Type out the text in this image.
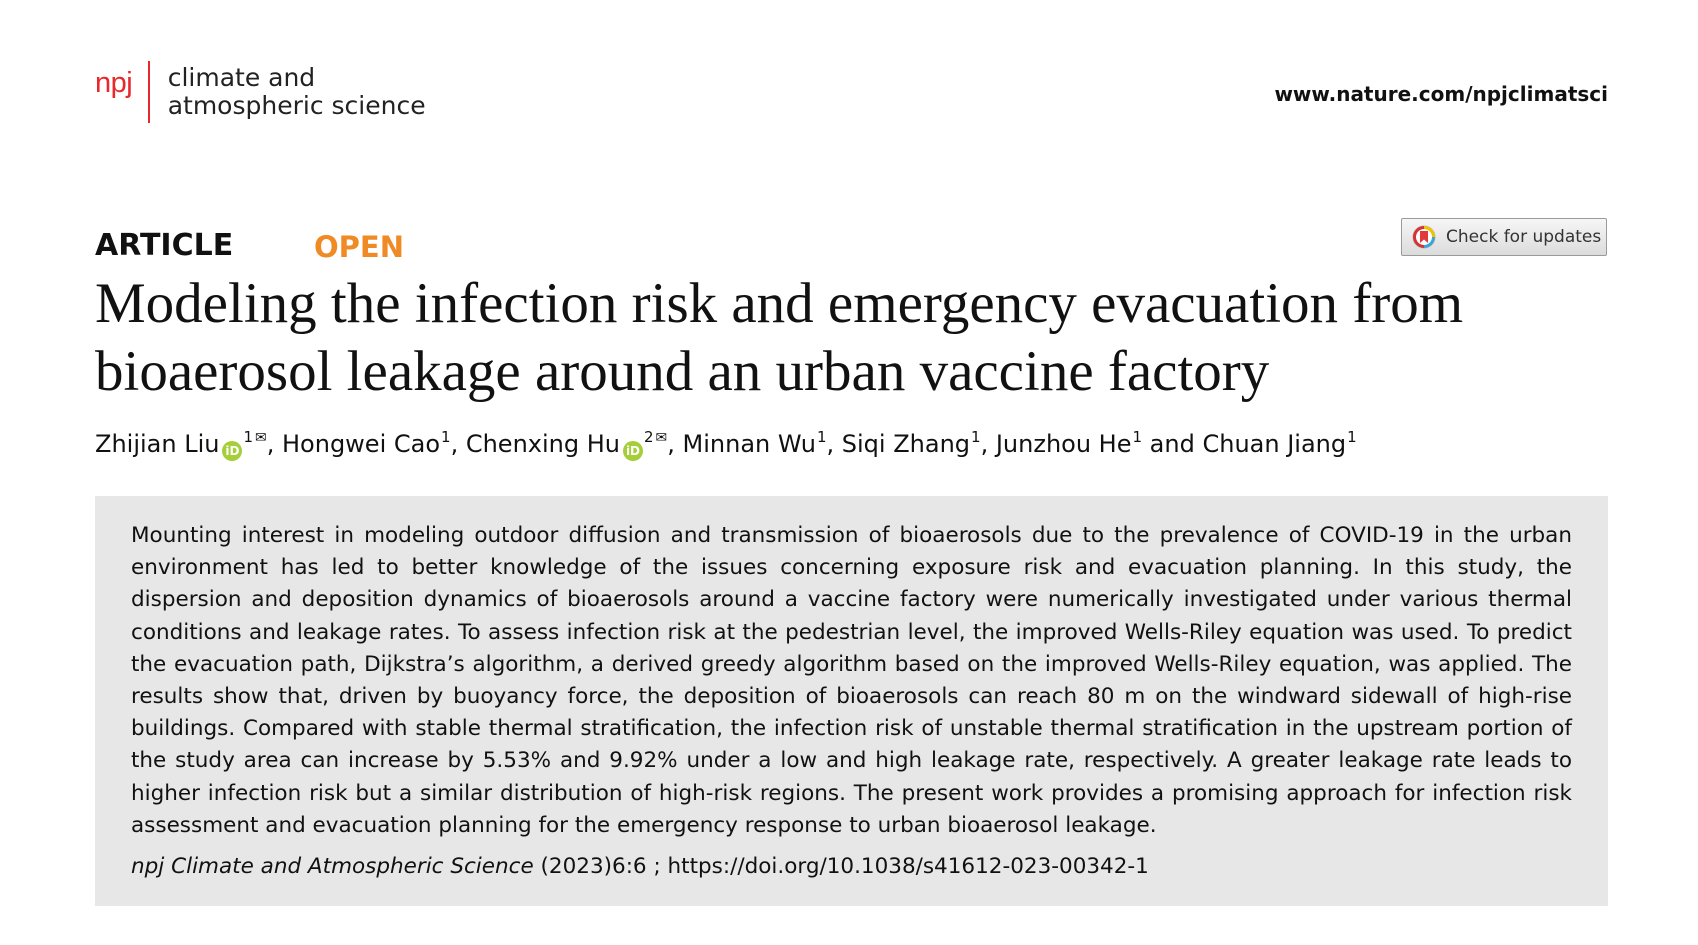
npj climate and
atmospheric science	www.nature.com/npjclimatsci
ARTICLE	OPEN	Check for updates
Modeling the infection risk and emergency evacuation from bioaerosol leakage around an urban vaccine factory
Zhijian Liu iD$^1$ ✉, Hongwei Cao$^1$, Chenxing Hu iD$^2$ ✉, Minnan Wu$^1$, Siqi Zhang$^1$, Junzhou He$^1$ and Chuan Jiang$^1$

Mounting interest in modeling outdoor diffusion and transmission of bioaerosols due to the prevalence of COVID-19 in the urban environment has led to better knowledge of the issues concerning exposure risk and evacuation planning. In this study, the dispersion and deposition dynamics of bioaerosols around a vaccine factory were numerically investigated under various thermal conditions and leakage rates. To assess infection risk at the pedestrian level, the improved Wells-Riley equation was used. To predict the evacuation path, Dijkstra’s algorithm, a derived greedy algorithm based on the improved Wells-Riley equation, was applied. The results show that, driven by buoyancy force, the deposition of bioaerosols can reach 80 m on the windward sidewall of high-rise buildings. Compared with stable thermal stratification, the infection risk of unstable thermal stratification in the upstream portion of the study area can increase by 5.53% and 9.92% under a low and high leakage rate, respectively. A greater leakage rate leads to higher infection risk but a similar distribution of high-risk regions. The present work provides a promising approach for infection risk assessment and evacuation planning for the emergency response to urban bioaerosol leakage.

npj Climate and Atmospheric Science (2023)6:6 ; https://doi.org/10.1038/s41612-023-00342-1
